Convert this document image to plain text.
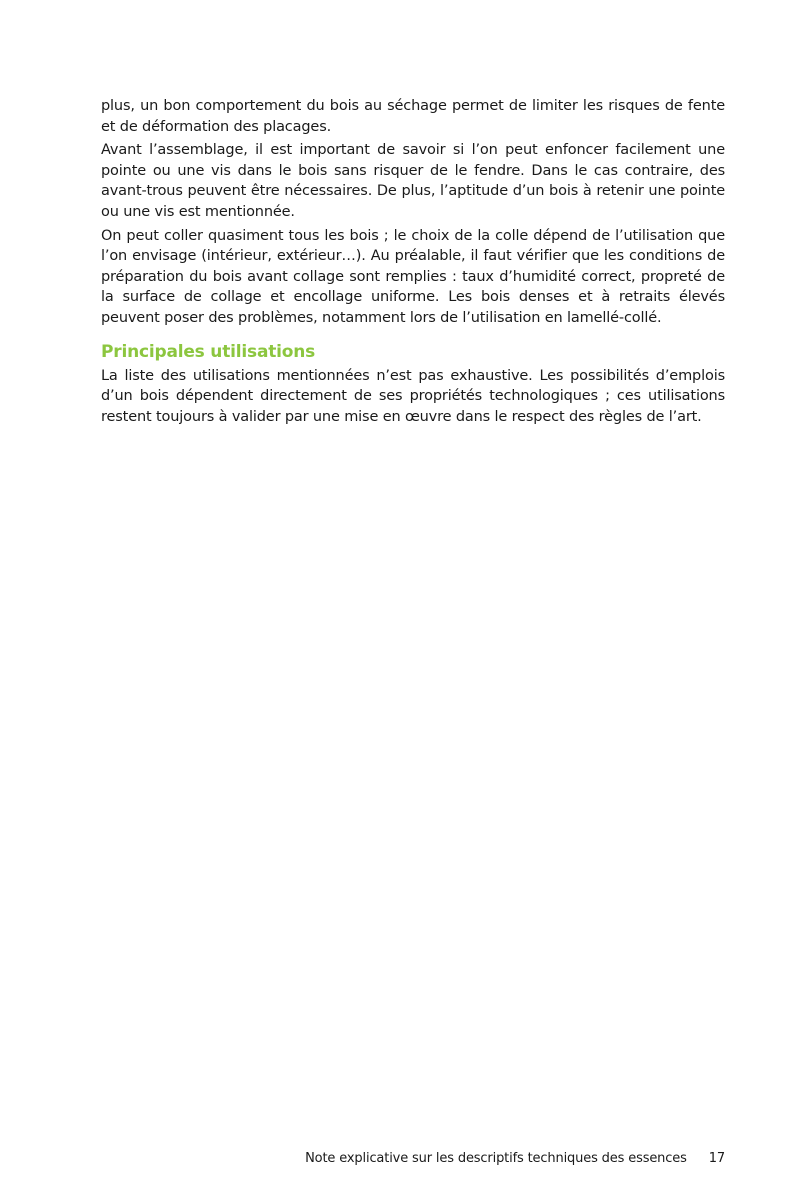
plus, un bon comportement du bois au séchage permet de limiter les risques de fente et de déformation des placages.

Avant l’assemblage, il est important de savoir si l’on peut enfoncer facilement une pointe ou une vis dans le bois sans risquer de le fendre. Dans le cas contraire, des avant-trous peuvent être nécessaires. De plus, l’aptitude d’un bois à retenir une pointe ou une vis est mentionnée.

On peut coller quasiment tous les bois ; le choix de la colle dépend de l’utilisation que l’on envisage (intérieur, extérieur…). Au préalable, il faut vérifier que les conditions de préparation du bois avant collage sont remplies : taux d’humidité correct, propreté de la surface de collage et encollage uniforme. Les bois denses et à retraits élevés peuvent poser des problèmes, notamment lors de l’utilisation en lamellé-collé.

Principales utilisations

La liste des utilisations mentionnées n’est pas exhaustive. Les possibilités d’emplois d’un bois dépendent directement de ses propriétés technologiques ; ces utilisations restent toujours à valider par une mise en œuvre dans le respect des règles de l’art.

Note explicative sur les descriptifs techniques des essences 17
